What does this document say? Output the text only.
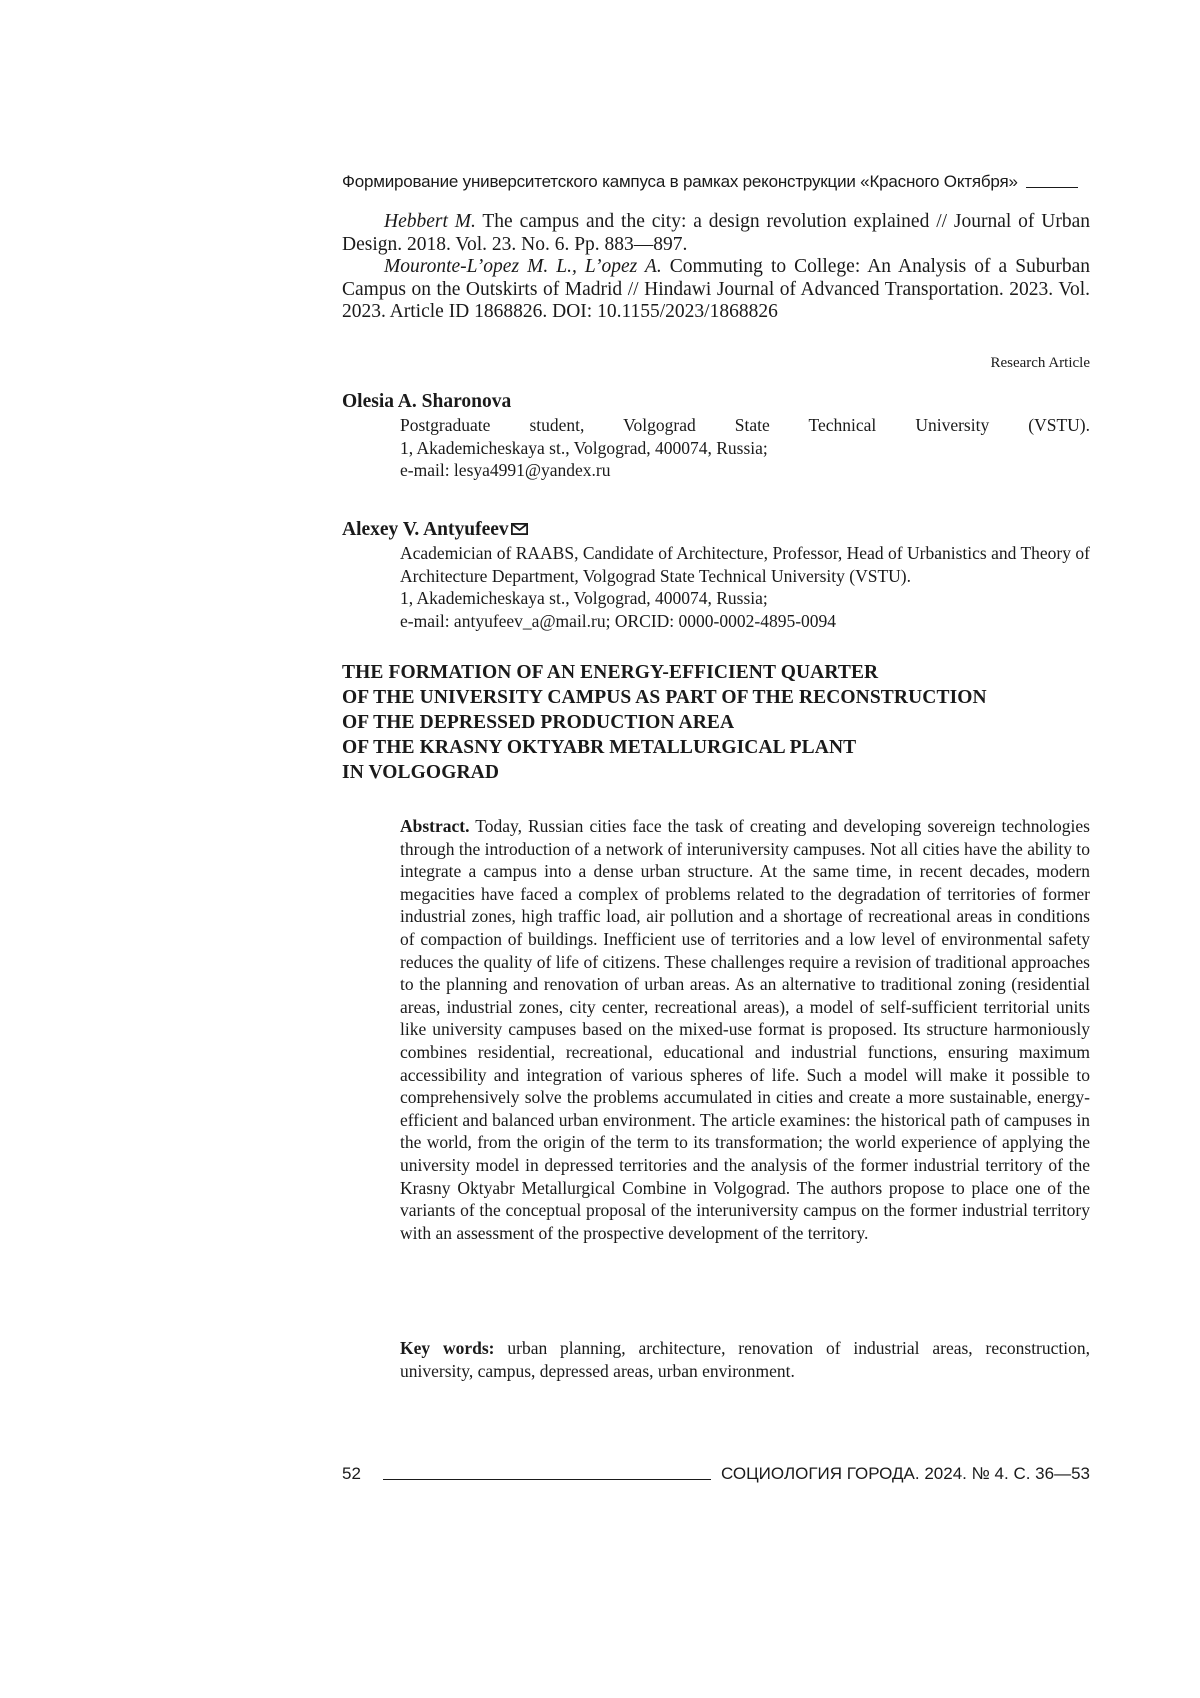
Формирование университетского кампуса в рамках реконструкции «Красного Октября»

Hebbert M. The campus and the city: a design revolution explained // Journal of Urban Design. 2018. Vol. 23. No. 6. Pp. 883—897.

Mouronte-L’opez M. L., L’opez A. Commuting to College: An Analysis of a Suburban Campus on the Outskirts of Madrid // Hindawi Journal of Advanced Transportation. 2023. Vol. 2023. Article ID 1868826. DOI: 10.1155/2023/1868826

Research Article
Olesia A. Sharonova
Postgraduate student, Volgograd State Technical University (VSTU).
1, Akademicheskaya st., Volgograd, 400074, Russia;
e-mail: lesya4991@yandex.ru
Alexey V. Antyufeev
Academician of RAABS, Candidate of Architecture, Professor, Head of Urbanistics and Theory of Architecture Department, Volgograd State Technical University (VSTU).
1, Akademicheskaya st., Volgograd, 400074, Russia;
e-mail: antyufeev_a@mail.ru; ORCID: 0000-0002-4895-0094
THE FORMATION OF AN ENERGY-EFFICIENT QUARTER
OF THE UNIVERSITY CAMPUS AS PART OF THE RECONSTRUCTION
OF THE DEPRESSED PRODUCTION AREA
OF THE KRASNY OKTYABR METALLURGICAL PLANT
IN VOLGOGRAD

Abstract. Today, Russian cities face the task of creating and developing sovereign technologies through the introduction of a network of interuniversity campuses. Not all cities have the ability to integrate a campus into a dense urban structure. At the same time, in recent decades, modern megacities have faced a complex of problems related to the degradation of territories of former industrial zones, high traffic load, air pollution and a shortage of recreational areas in conditions of compaction of buildings. Inefficient use of territories and a low level of environmental safety reduces the quality of life of citizens. These challenges require a revision of traditional approaches to the planning and renovation of urban areas. As an alternative to traditional zoning (residential areas, industrial zones, city center, recreational areas), a model of self-sufficient territorial units like university campuses based on the mixed-use format is proposed. Its structure harmoniously combines residential, recreational, educational and industrial functions, ensuring maximum accessibility and integration of various spheres of life. Such a model will make it possible to comprehensively solve the problems accumulated in cities and create a more sustainable, energy-efficient and balanced urban environment. The article examines: the historical path of campuses in the world, from the origin of the term to its transformation; the world experience of applying the university model in depressed territories and the analysis of the former industrial territory of the Krasny Oktyabr Metallurgical Combine in Volgograd. The authors propose to place one of the variants of the conceptual proposal of the interuniversity campus on the former industrial territory with an assessment of the prospective development of the territory.

Key words: urban planning, architecture, renovation of industrial areas, reconstruction, university, campus, depressed areas, urban environment.
52	СОЦИОЛОГИЯ ГОРОДА. 2024. № 4. С. 36—53
